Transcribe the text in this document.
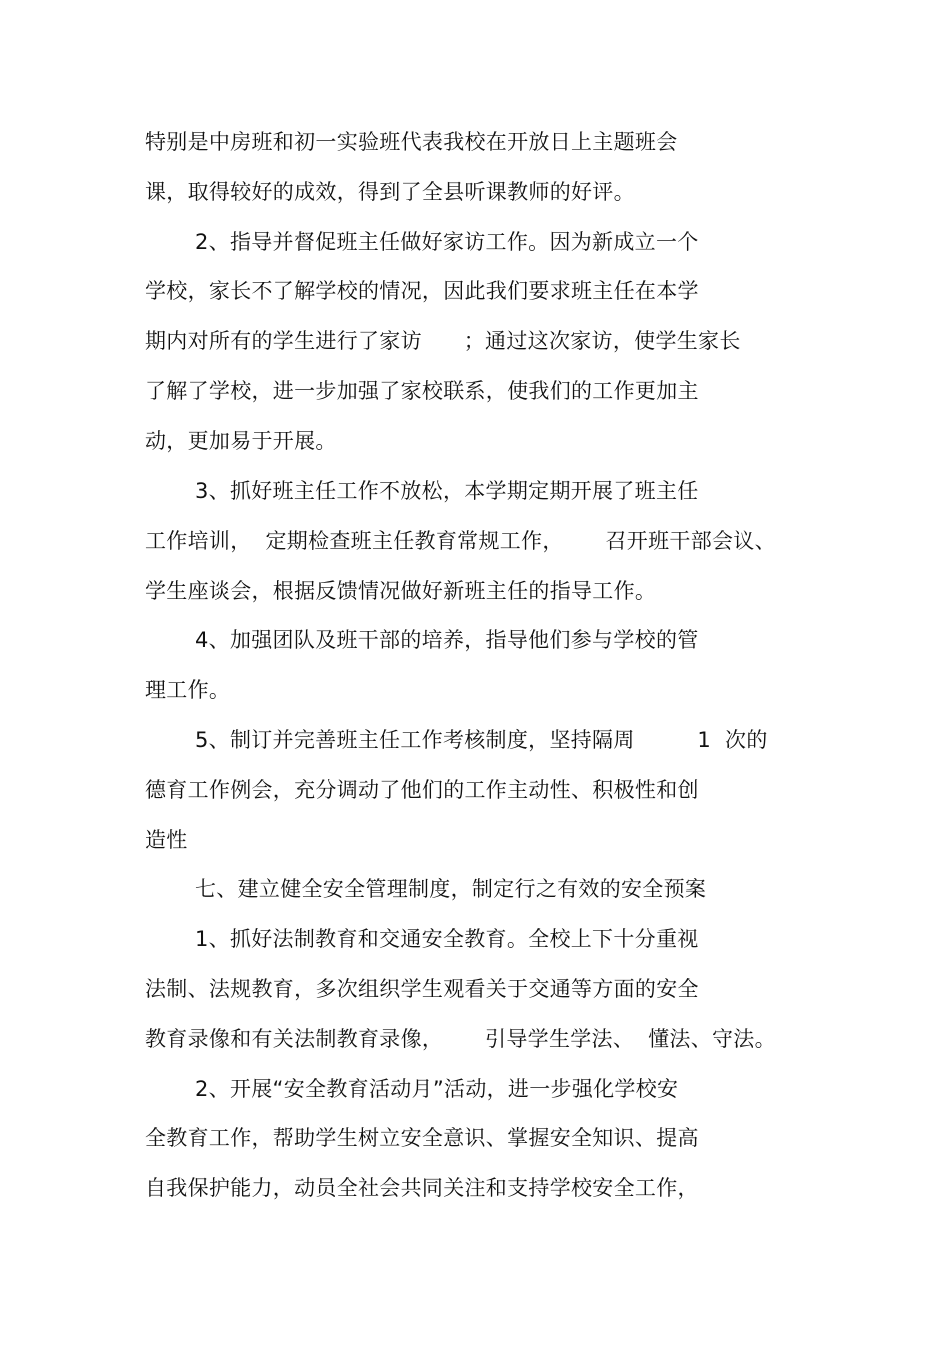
特别是中房班和初一实验班代表我校在开放日上主题班会
课，取得较好的成效，得到了全县听课教师的好评。
2、指导并督促班主任做好家访工作。因为新成立一个
学校，家长不了解学校的情况，因此我们要求班主任在本学
期内对所有的学生进行了家访      ；通过这次家访，使学生家长
了解了学校，进一步加强了家校联系，使我们的工作更加主
动，更加易于开展。
3、抓好班主任工作不放松，本学期定期开展了班主任
工作培训，  定期检查班主任教育常规工作，      召开班干部会议、
学生座谈会，根据反馈情况做好新班主任的指导工作。
4、加强团队及班干部的培养，指导他们参与学校的管
理工作。
5、制订并完善班主任工作考核制度，坚持隔周         1  次的
德育工作例会，充分调动了他们的工作主动性、积极性和创
造性
七、建立健全安全管理制度，制定行之有效的安全预案
1、抓好法制教育和交通安全教育。全校上下十分重视
法制、法规教育，多次组织学生观看关于交通等方面的安全
教育录像和有关法制教育录像，      引导学生学法、  懂法、守法。
2、开展“安全教育活动月”活动，进一步强化学校安
全教育工作，帮助学生树立安全意识、掌握安全知识、提高
自我保护能力，动员全社会共同关注和支持学校安全工作，
